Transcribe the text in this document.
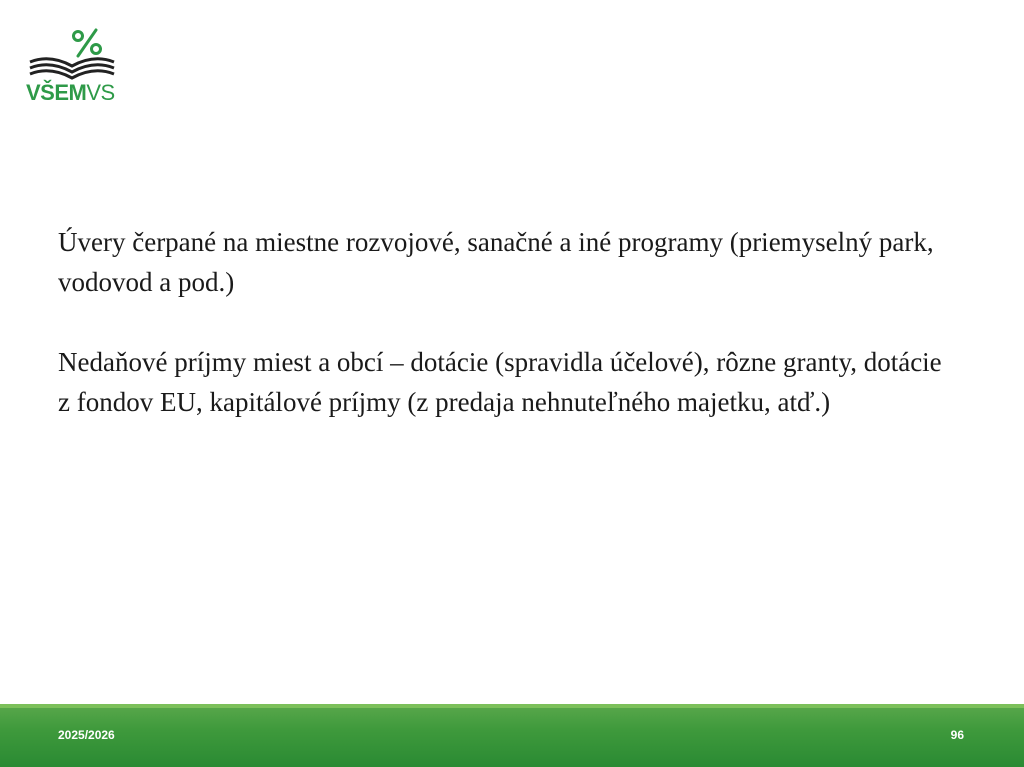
VŠEMVS

Úvery čerpané na miestne rozvojové, sanačné a iné programy (priemyselný park, vodovod a pod.)

Nedaňové príjmy miest a obcí – dotácie (spravidla účelové), rôzne granty, dotácie z fondov EU, kapitálové príjmy (z predaja nehnuteľného majetku, atď.)

2025/2026	96
